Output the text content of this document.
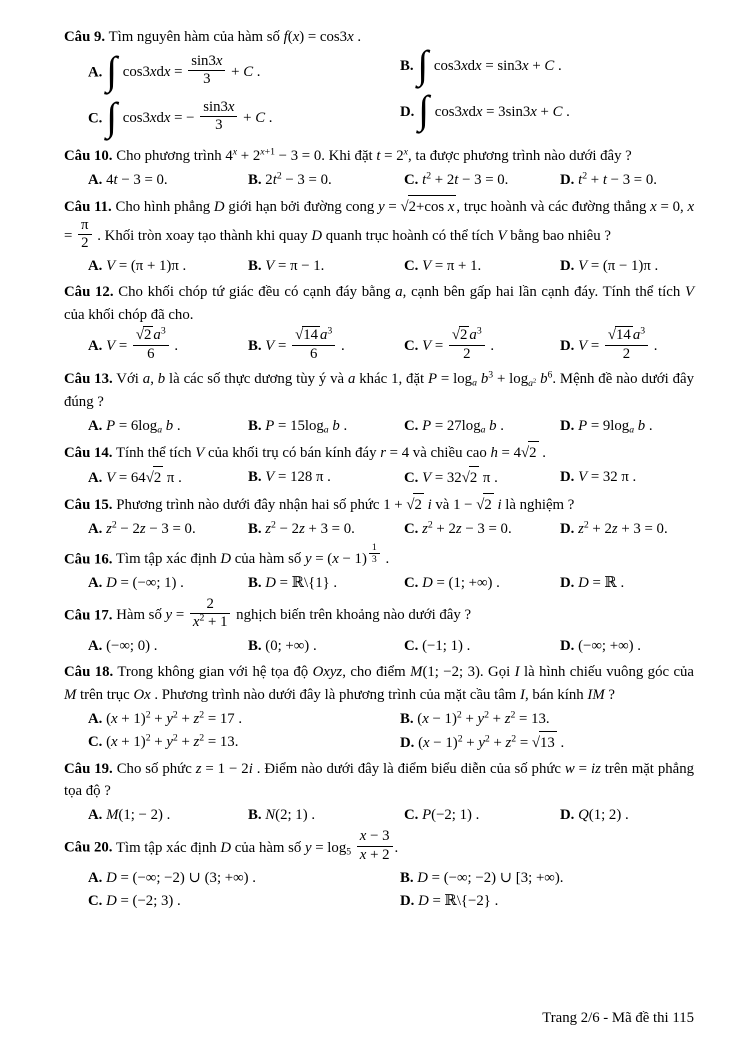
Câu 9. Tìm nguyên hàm của hàm số f(x) = cos3x .

A. ∫ $\cos 3xdx = \frac{\sin 3x}{3} + C$ .	B. ∫ cos3xdx = sin3x + C .
C. ∫ cos3xdx = − $\frac{\sin 3x}{3} + C$ .	D. ∫ cos3xdx = 3sin3x + C .

Câu 10. Cho phương trình $4^x + 2^{x+1} - 3 = 0$. Khi đặt $t = 2^x$, ta được phương trình nào dưới đây ?

A. 4t − 3 = 0.	B. $2t^2 - 3 = 0$.	C. $t^2 + 2t - 3 = 0$.	D. $t^2 + t - 3 = 0$.

Câu 11. Cho hình phẳng D giới hạn bởi đường cong y = √2+cos x , trục hoành và các đường thẳng x = 0, $x = \frac{\pi}{2}$ . Khối tròn xoay tạo thành khi quay D quanh trục hoành có thể tích V bằng bao nhiêu ?

A. V = (π + 1)π .	B. V = π − 1.	C. V = π + 1.	D. V = (π − 1)π .

Câu 12. Cho khối chóp tứ giác đều có cạnh đáy bằng a, cạnh bên gấp hai lần cạnh đáy. Tính thể tích V của khối chóp đã cho.

A. $V = \frac{√2 a^3}{6}$ .	B. $V = \frac{√14 a^3}{6}$ .	C. $V = \frac{√2 a^3}{2}$ .	D. $V = \frac{√14 a^3}{2}$ .

Câu 13. Với a, b là các số thực dương tùy ý và a khác 1, đặt $P = \log_a b^3 + \log_{a^2} b^6$. Mệnh đề nào dưới đây đúng ?

A. $P = 6\log_a$ b .	B. $P = 15\log_a$ b .	C. $P = 27\log_a$ b .	D. $P = 9\log_a$ b .

Câu 14. Tính thể tích V của khối trụ có bán kính đáy r = 4 và chiều cao h = 4√2 .

A. V = 64√2 π .	B. V = 128 π .	C. V = 32√2 π .	D. V = 32 π .

Câu 15. Phương trình nào dưới đây nhận hai số phức 1 + √2 i và 1 − √2 i là nghiệm ?

A. $z^2 - 2z - 3 = 0$.	B. $z^2 - 2z + 3 = 0$.	C. $z^2 + 2z - 3 = 0$.	D. $z^2 + 2z + 3 = 0$.

Câu 16. Tìm tập xác định D của hàm số y = (x − 1) $^{\frac{1}{3}}$ .

A. D = (−∞; 1) .	B. D = ℝ\{1} .	C. D = (1; +∞) .	D. D = ℝ .

Câu 17. Hàm số $y = \frac{2}{x^2 + 1}$ nghịch biến trên khoảng nào dưới đây ?

A. (−∞; 0) .	B. (0; +∞) .	C. (−1; 1) .	D. (−∞; +∞) .

Câu 18. Trong không gian với hệ tọa độ Oxyz, cho điểm M(1; −2; 3). Gọi I là hình chiếu vuông góc của M trên trục Ox . Phương trình nào dưới đây là phương trình của mặt cầu tâm I, bán kính IM ?

A. $(x + 1)^2 + y^2 + z^2 = 17$ .	B. $(x - 1)^2 + y^2 + z^2 = 13$.
C. $(x + 1)^2 + y^2 + z^2 = 13$.	D. $(x - 1)^2 + y^2 + z^2 = √13$ .

Câu 19. Cho số phức z = 1 − 2i . Điểm nào dưới đây là điểm biểu diễn của số phức w = iz trên mặt phẳng tọa độ ?

A. M(1; − 2) .	B. N(2; 1) .	C. P(−2; 1) .	D. Q(1; 2) .

Câu 20. Tìm tập xác định D của hàm số $y = \log_5 \frac{x - 3}{x + 2}$ .

A. D = (−∞; −2) ∪ (3; +∞) .	B. D = (−∞; −2) ∪ [3; +∞).
C. D = (−2; 3) .	D. D = ℝ\{−2} .
Trang 2/6 - Mã đề thi 115
